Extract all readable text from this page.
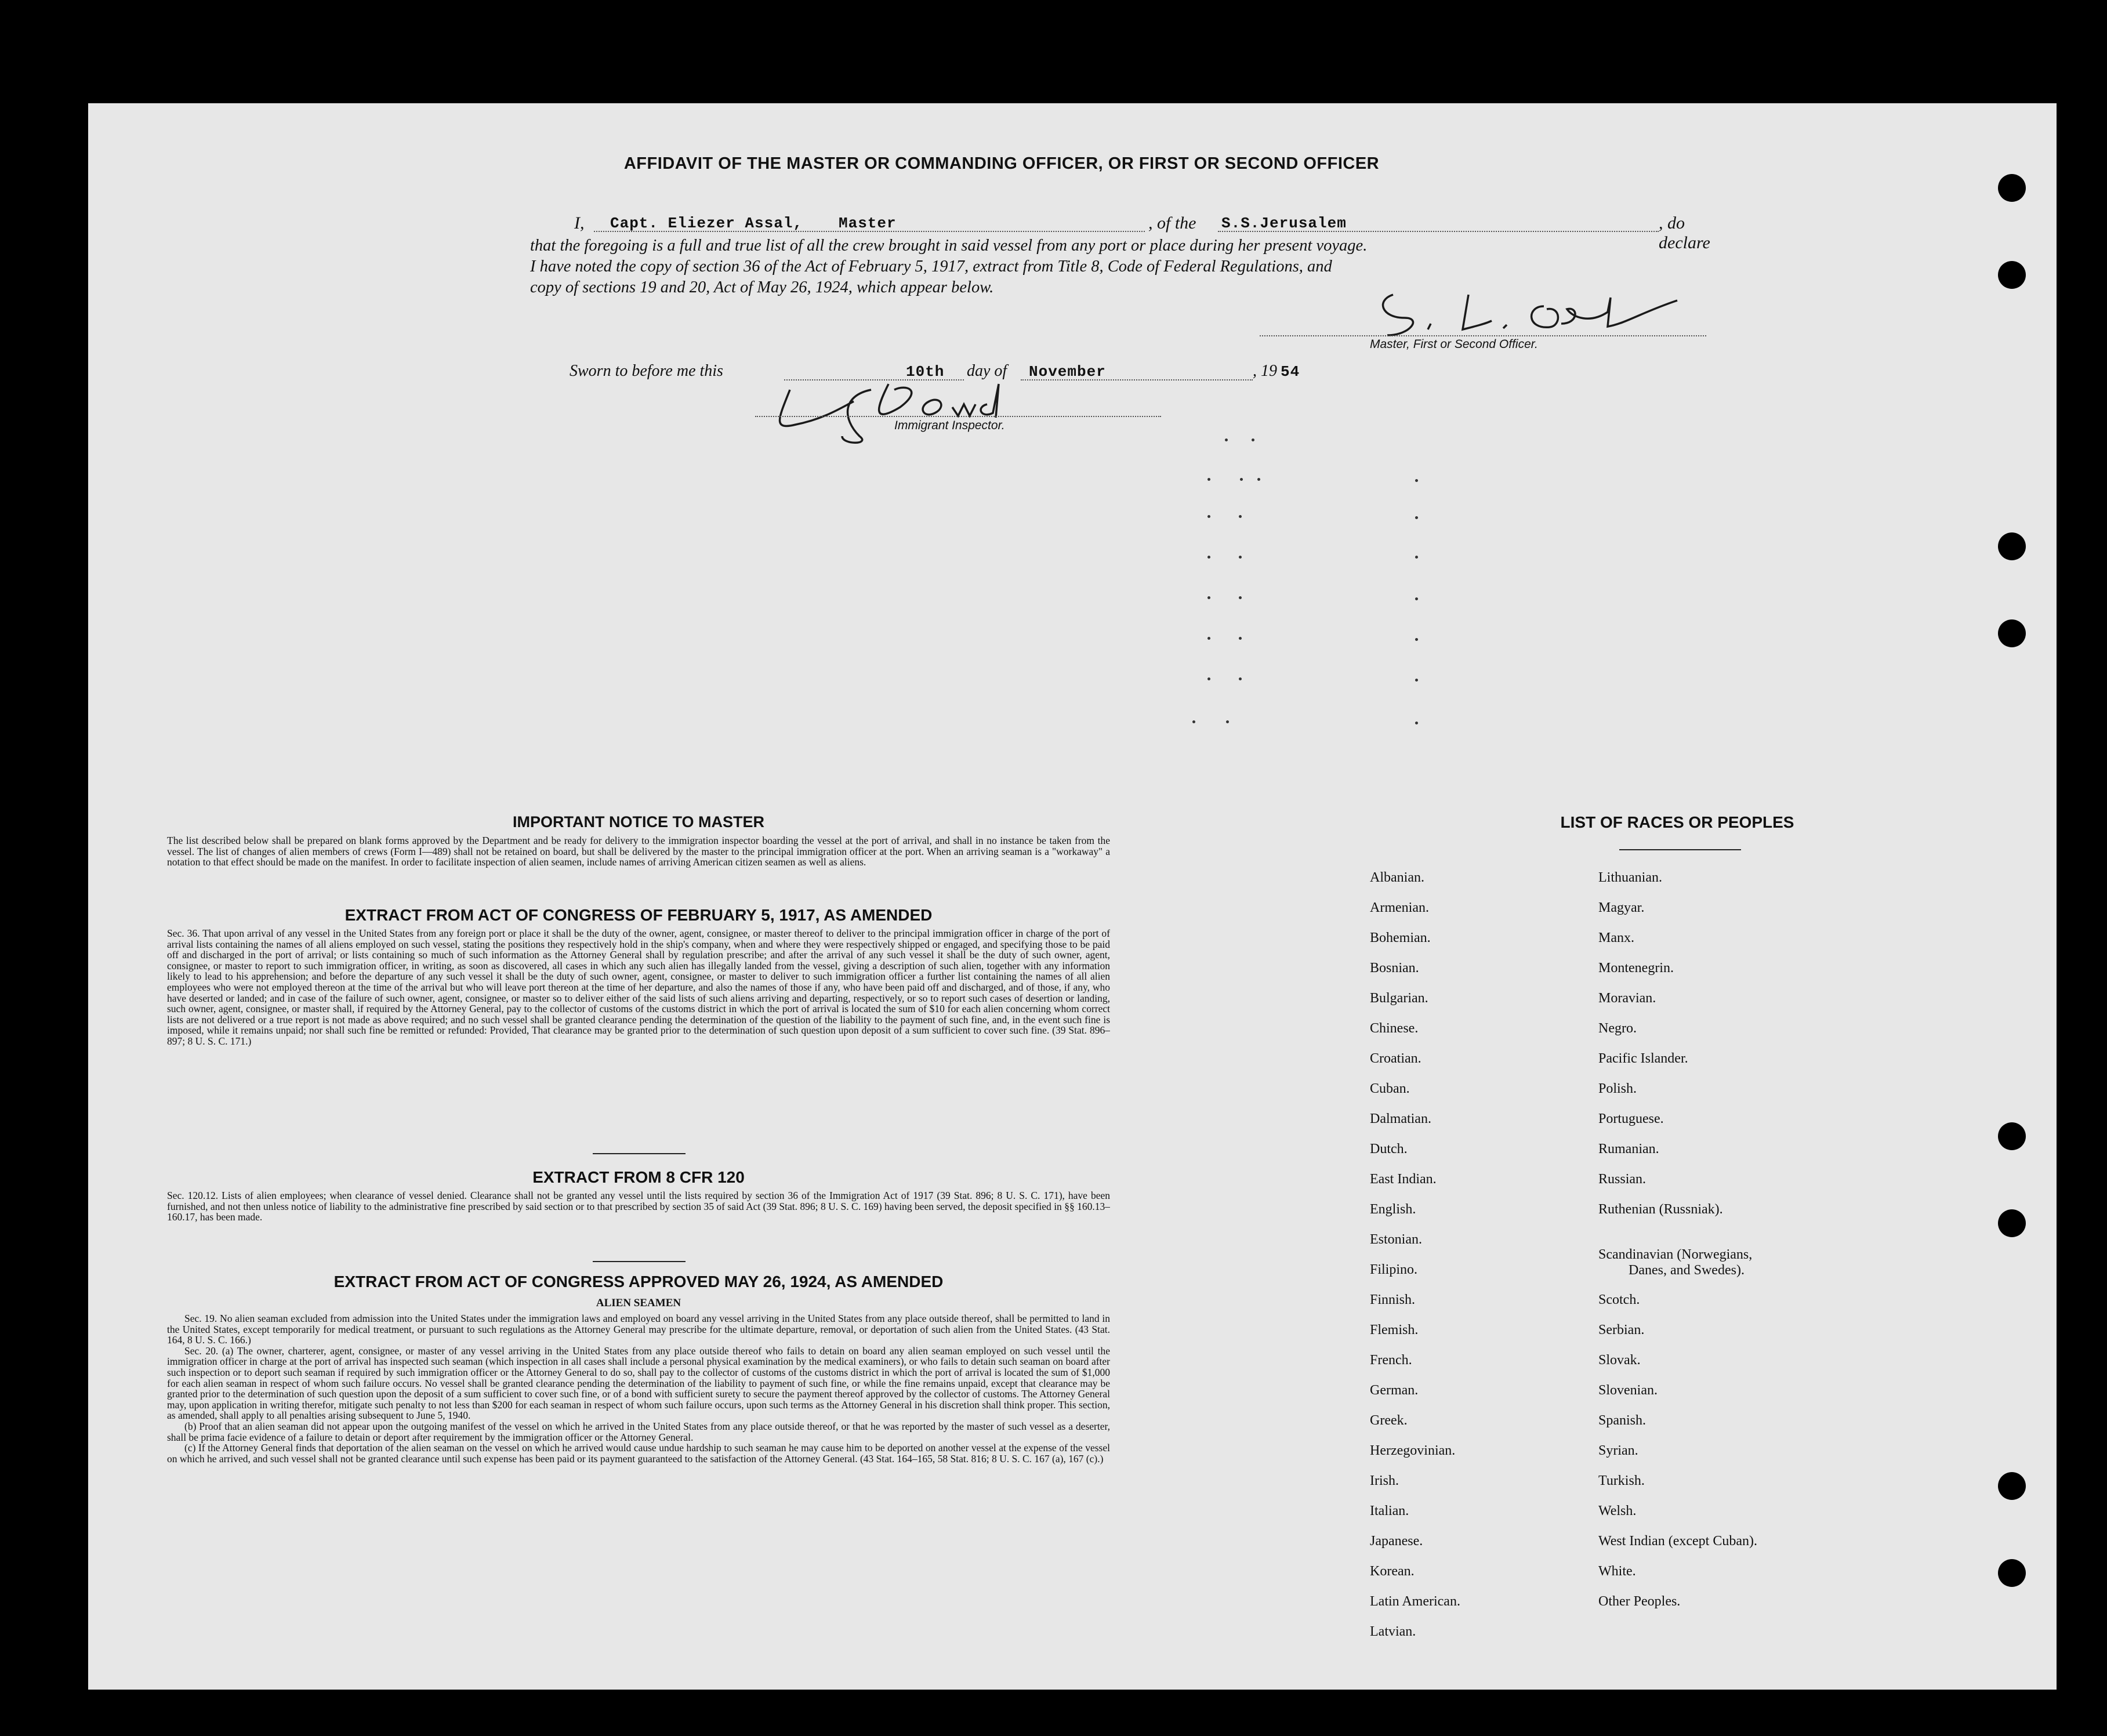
AFFIDAVIT OF THE MASTER OR COMMANDING OFFICER, OR FIRST OR SECOND OFFICER
I, Capt. Eliezer Assal, Master	, of the S.S.Jerusalem	, do declare
that the foregoing is a full and true list of all the crew brought in said vessel from any port or place during her present voyage.
I have noted the copy of section 36 of the Act of February 5, 1917, extract from Title 8, Code of Federal Regulations, and
copy of sections 19 and 20, Act of May 26, 1924, which appear below.
Master, First or Second Officer.
Sworn to before me this	10th day of November	, 19 54
Immigrant Inspector.
IMPORTANT NOTICE TO MASTER
The list described below shall be prepared on blank forms approved by the Department and be ready for delivery to the immigration inspector boarding the vessel at the port of arrival, and shall in no instance be taken from the vessel. The list of changes of alien members of crews (Form I—489) shall not be retained on board, but shall be delivered by the master to the principal immigration officer at the port. When an arriving seaman is a "workaway" a notation to that effect should be made on the manifest. In order to facilitate inspection of alien seamen, include names of arriving American citizen seamen as well as aliens.
EXTRACT FROM ACT OF CONGRESS OF FEBRUARY 5, 1917, AS AMENDED
Sec. 36. That upon arrival of any vessel in the United States from any foreign port or place it shall be the duty of the owner, agent, consignee, or master thereof to deliver to the principal immigration officer in charge of the port of arrival lists containing the names of all aliens employed on such vessel, stating the positions they respectively hold in the ship's company, when and where they were respectively shipped or engaged, and specifying those to be paid off and discharged in the port of arrival; or lists containing so much of such information as the Attorney General shall by regulation prescribe; and after the arrival of any such vessel it shall be the duty of such owner, agent, consignee, or master to report to such immigration officer, in writing, as soon as discovered, all cases in which any such alien has illegally landed from the vessel, giving a description of such alien, together with any information likely to lead to his apprehension; and before the departure of any such vessel it shall be the duty of such owner, agent, consignee, or master to deliver to such immigration officer a further list containing the names of all alien employees who were not employed thereon at the time of the arrival but who will leave port thereon at the time of her departure, and also the names of those if any, who have been paid off and discharged, and of those, if any, who have deserted or landed; and in case of the failure of such owner, agent, consignee, or master so to deliver either of the said lists of such aliens arriving and departing, respectively, or so to report such cases of desertion or landing, such owner, agent, consignee, or master shall, if required by the Attorney General, pay to the collector of customs of the customs district in which the port of arrival is located the sum of $10 for each alien concerning whom correct lists are not delivered or a true report is not made as above required; and no such vessel shall be granted clearance pending the determination of the question of the liability to the payment of such fine, and, in the event such fine is imposed, while it remains unpaid; nor shall such fine be remitted or refunded: Provided, That clearance may be granted prior to the determination of such question upon deposit of a sum sufficient to cover such fine. (39 Stat. 896–897; 8 U. S. C. 171.)
EXTRACT FROM 8 CFR 120
Sec. 120.12. Lists of alien employees; when clearance of vessel denied. Clearance shall not be granted any vessel until the lists required by section 36 of the Immigration Act of 1917 (39 Stat. 896; 8 U. S. C. 171), have been furnished, and not then unless notice of liability to the administrative fine prescribed by said section or to that prescribed by section 35 of said Act (39 Stat. 896; 8 U. S. C. 169) having been served, the deposit specified in §§ 160.13–160.17, has been made.
EXTRACT FROM ACT OF CONGRESS APPROVED MAY 26, 1924, AS AMENDED
ALIEN SEAMEN
Sec. 19. No alien seaman excluded from admission into the United States under the immigration laws and employed on board any vessel arriving in the United States from any place outside thereof, shall be permitted to land in the United States, except temporarily for medical treatment, or pursuant to such regulations as the Attorney General may prescribe for the ultimate departure, removal, or deportation of such alien from the United States. (43 Stat. 164, 8 U. S. C. 166.)
Sec. 20. (a) The owner, charterer, agent, consignee, or master of any vessel arriving in the United States from any place outside thereof who fails to detain on board any alien seaman employed on such vessel until the immigration officer in charge at the port of arrival has inspected such seaman (which inspection in all cases shall include a personal physical examination by the medical examiners), or who fails to detain such seaman on board after such inspection or to deport such seaman if required by such immigration officer or the Attorney General to do so, shall pay to the collector of customs of the customs district in which the port of arrival is located the sum of $1,000 for each alien seaman in respect of whom such failure occurs. No vessel shall be granted clearance pending the determination of the liability to payment of such fine, or while the fine remains unpaid, except that clearance may be granted prior to the determination of such question upon the deposit of a sum sufficient to cover such fine, or of a bond with sufficient surety to secure the payment thereof approved by the collector of customs. The Attorney General may, upon application in writing therefor, mitigate such penalty to not less than $200 for each seaman in respect of whom such failure occurs, upon such terms as the Attorney General in his discretion shall think proper. This section, as amended, shall apply to all penalties arising subsequent to June 5, 1940.
(b) Proof that an alien seaman did not appear upon the outgoing manifest of the vessel on which he arrived in the United States from any place outside thereof, or that he was reported by the master of such vessel as a deserter, shall be prima facie evidence of a failure to detain or deport after requirement by the immigration officer or the Attorney General.
(c) If the Attorney General finds that deportation of the alien seaman on the vessel on which he arrived would cause undue hardship to such seaman he may cause him to be deported on another vessel at the expense of the vessel on which he arrived, and such vessel shall not be granted clearance until such expense has been paid or its payment guaranteed to the satisfaction of the Attorney General. (43 Stat. 164–165, 58 Stat. 816; 8 U. S. C. 167 (a), 167 (c).)
LIST OF RACES OR PEOPLES
Albanian.
Armenian.
Bohemian.
Bosnian.
Bulgarian.
Chinese.
Croatian.
Cuban.
Dalmatian.
Dutch.
East Indian.
English.
Estonian.
Filipino.
Finnish.
Flemish.
French.
German.
Greek.
Herzegovinian.
Irish.
Italian.
Japanese.
Korean.
Latin American.
Latvian.
Lithuanian.
Magyar.
Manx.
Montenegrin.
Moravian.
Negro.
Pacific Islander.
Polish.
Portuguese.
Rumanian.
Russian.
Ruthenian (Russniak).
Scandinavian (Norwegians,
Danes, and Swedes).
Scotch.
Serbian.
Slovak.
Slovenian.
Spanish.
Syrian.
Turkish.
Welsh.
West Indian (except Cuban).
White.
Other Peoples.
